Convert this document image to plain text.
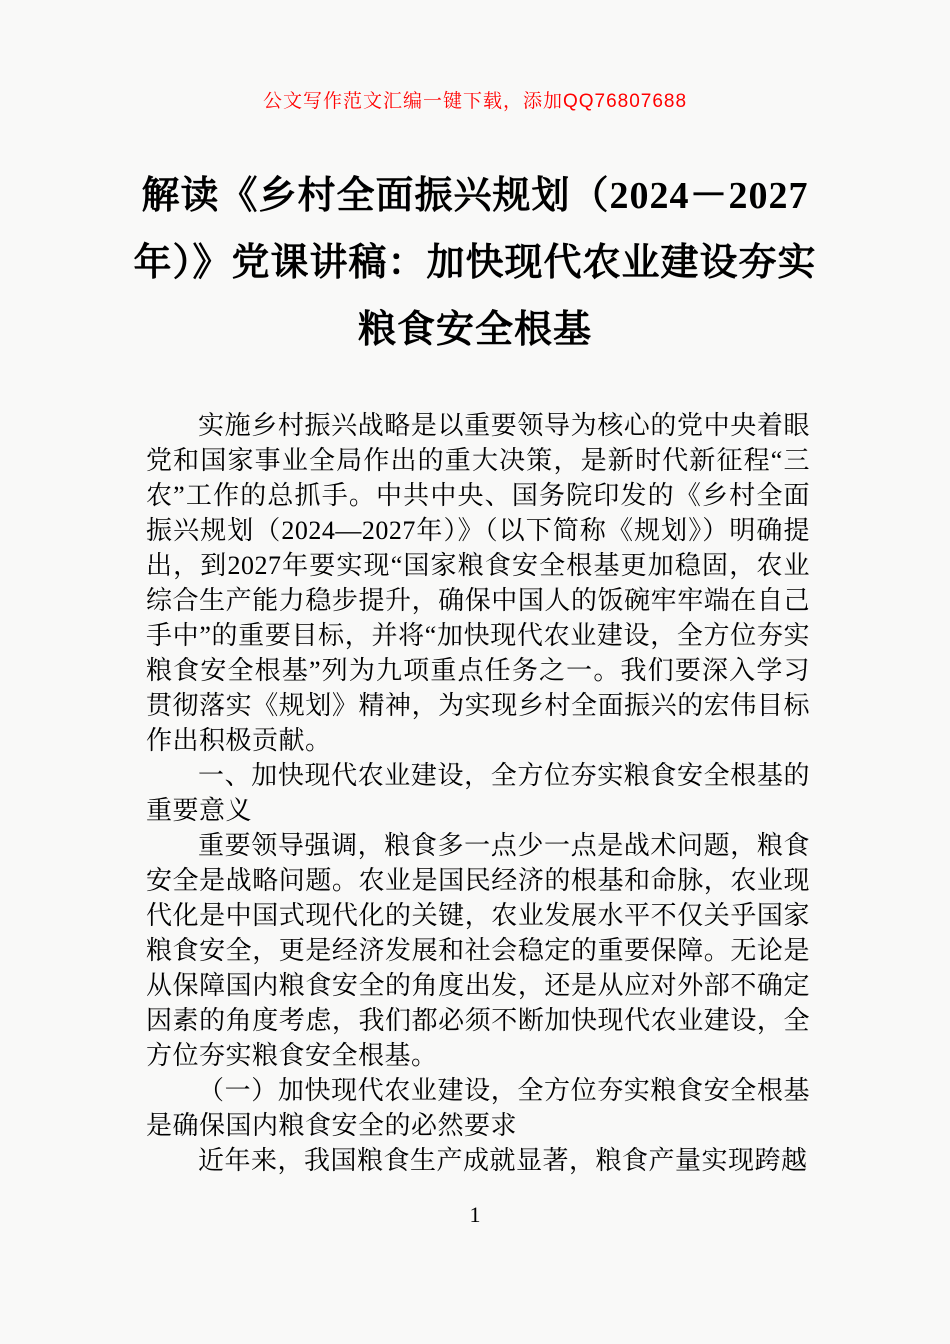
公文写作范文汇编一键下载，添加QQ76807688
解读《乡村全面振兴规划（2024－2027年）》党课讲稿：加快现代农业建设夯实粮食安全根基

实施乡村振兴战略是以重要领导为核心的党中央着眼党和国家事业全局作出的重大决策，是新时代新征程“三农”工作的总抓手。中共中央、国务院印发的《乡村全面振兴规划（2024—2027年）》（以下简称《规划》）明确提出，到2027年要实现“国家粮食安全根基更加稳固，农业综合生产能力稳步提升，确保中国人的饭碗牢牢端在自己手中”的重要目标，并将“加快现代农业建设，全方位夯实粮食安全根基”列为九项重点任务之一。我们要深入学习贯彻落实《规划》精神，为实现乡村全面振兴的宏伟目标作出积极贡献。

一、加快现代农业建设，全方位夯实粮食安全根基的重要意义

重要领导强调，粮食多一点少一点是战术问题，粮食安全是战略问题。农业是国民经济的根基和命脉，农业现代化是中国式现代化的关键，农业发展水平不仅关乎国家粮食安全，更是经济发展和社会稳定的重要保障。无论是从保障国内粮食安全的角度出发，还是从应对外部不确定因素的角度考虑，我们都必须不断加快现代农业建设，全方位夯实粮食安全根基。

（一）加快现代农业建设，全方位夯实粮食安全根基是确保国内粮食安全的必然要求

近年来，我国粮食生产成就显著，粮食产量实现跨越

1
